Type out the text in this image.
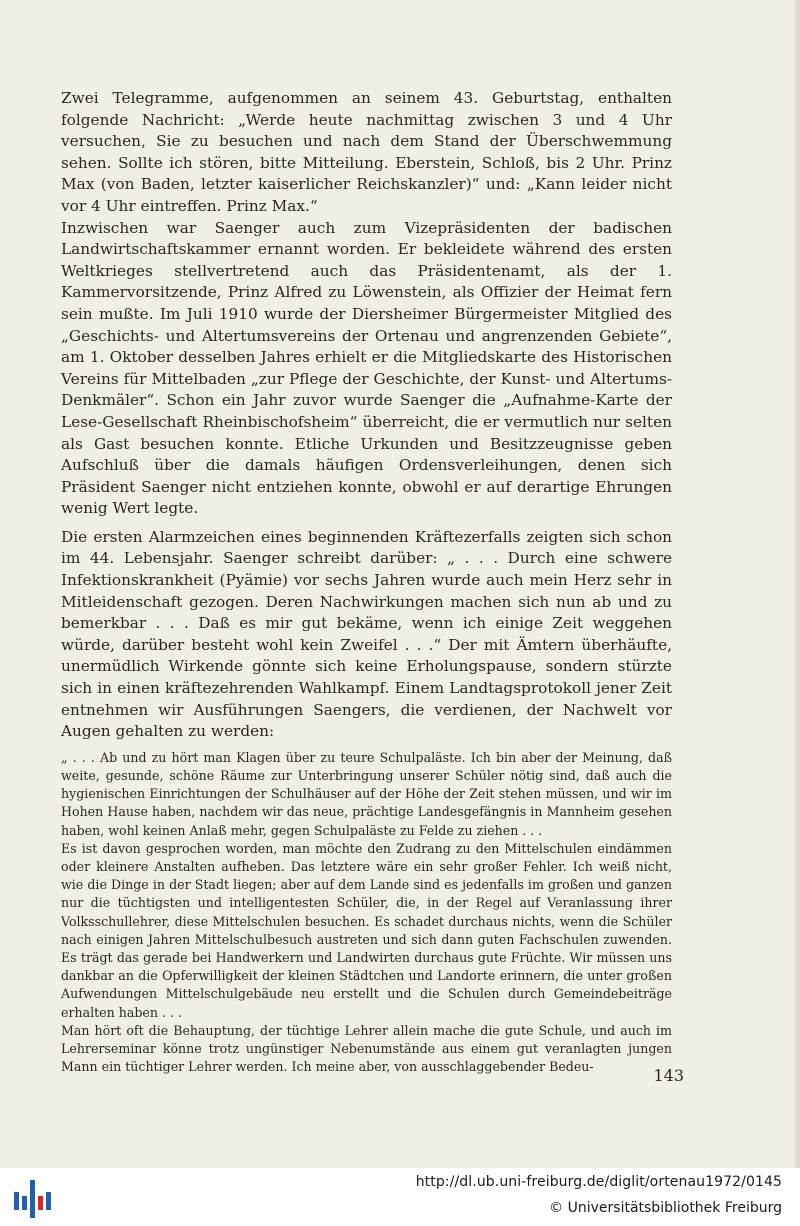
Zwei Telegramme, aufgenommen an seinem 43. Geburtstag, enthalten folgende Nachricht: „Werde heute nachmittag zwischen 3 und 4 Uhr versuchen, Sie zu besuchen und nach dem Stand der Überschwemmung sehen. Sollte ich stören, bitte Mitteilung. Eberstein, Schloß, bis 2 Uhr. Prinz Max (von Baden, letzter kaiserlicher Reichskanzler)“ und: „Kann leider nicht vor 4 Uhr eintreffen. Prinz Max.“

Inzwischen war Saenger auch zum Vizepräsidenten der badischen Landwirtschaftskammer ernannt worden. Er bekleidete während des ersten Weltkrieges stellvertretend auch das Präsidentenamt, als der 1. Kammervorsitzende, Prinz Alfred zu Löwenstein, als Offizier der Heimat fern sein mußte. Im Juli 1910 wurde der Diersheimer Bürgermeister Mitglied des „Geschichts- und Altertumsvereins der Ortenau und angrenzenden Gebiete“, am 1. Oktober desselben Jahres erhielt er die Mitgliedskarte des Historischen Vereins für Mittelbaden „zur Pflege der Geschichte, der Kunst- und Altertums-Denkmäler“. Schon ein Jahr zuvor wurde Saenger die „Aufnahme-Karte der Lese-Gesellschaft Rheinbischofsheim“ überreicht, die er vermutlich nur selten als Gast besuchen konnte. Etliche Urkunden und Besitzzeugnisse geben Aufschluß über die damals häufigen Ordensverleihungen, denen sich Präsident Saenger nicht entziehen konnte, obwohl er auf derartige Ehrungen wenig Wert legte.

Die ersten Alarmzeichen eines beginnenden Kräftezerfalls zeigten sich schon im 44. Lebensjahr. Saenger schreibt darüber: „ . . . Durch eine schwere Infektionskrankheit (Pyämie) vor sechs Jahren wurde auch mein Herz sehr in Mitleidenschaft gezogen. Deren Nachwirkungen machen sich nun ab und zu bemerkbar . . . Daß es mir gut bekäme, wenn ich einige Zeit weggehen würde, darüber besteht wohl kein Zweifel . . .“ Der mit Ämtern überhäufte, unermüdlich Wirkende gönnte sich keine Erholungspause, sondern stürzte sich in einen kräftezehrenden Wahlkampf. Einem Landtagsprotokoll jener Zeit entnehmen wir Ausführungen Saengers, die verdienen, der Nachwelt vor Augen gehalten zu werden:

„ . . . Ab und zu hört man Klagen über zu teure Schulpaläste. Ich bin aber der Meinung, daß weite, gesunde, schöne Räume zur Unterbringung unserer Schüler nötig sind, daß auch die hygienischen Einrichtungen der Schulhäuser auf der Höhe der Zeit stehen müssen, und wir im Hohen Hause haben, nachdem wir das neue, prächtige Landesgefängnis in Mannheim gesehen haben, wohl keinen Anlaß mehr, gegen Schulpaläste zu Felde zu ziehen . . .

Es ist davon gesprochen worden, man möchte den Zudrang zu den Mittelschulen eindämmen oder kleinere Anstalten aufheben. Das letztere wäre ein sehr großer Fehler. Ich weiß nicht, wie die Dinge in der Stadt liegen; aber auf dem Lande sind es jedenfalls im großen und ganzen nur die tüchtigsten und intelligentesten Schüler, die, in der Regel auf Veranlassung ihrer Volksschullehrer, diese Mittelschulen besuchen. Es schadet durchaus nichts, wenn die Schüler nach einigen Jahren Mittelschulbesuch austreten und sich dann guten Fachschulen zuwenden. Es trägt das gerade bei Handwerkern und Landwirten durchaus gute Früchte. Wir müssen uns dankbar an die Opferwilligkeit der kleinen Städtchen und Landorte erinnern, die unter großen Aufwendungen Mittelschulgebäude neu erstellt und die Schulen durch Gemeindebeiträge erhalten haben . . .

Man hört oft die Behauptung, der tüchtige Lehrer allein mache die gute Schule, und auch im Lehrerseminar könne trotz ungünstiger Nebenumstände aus einem gut veranlagten jungen Mann ein tüchtiger Lehrer werden. Ich meine aber, von ausschlaggebender Bedeu-	143
http://dl.ub.uni-freiburg.de/diglit/ortenau1972/0145
© Universitätsbibliothek Freiburg
